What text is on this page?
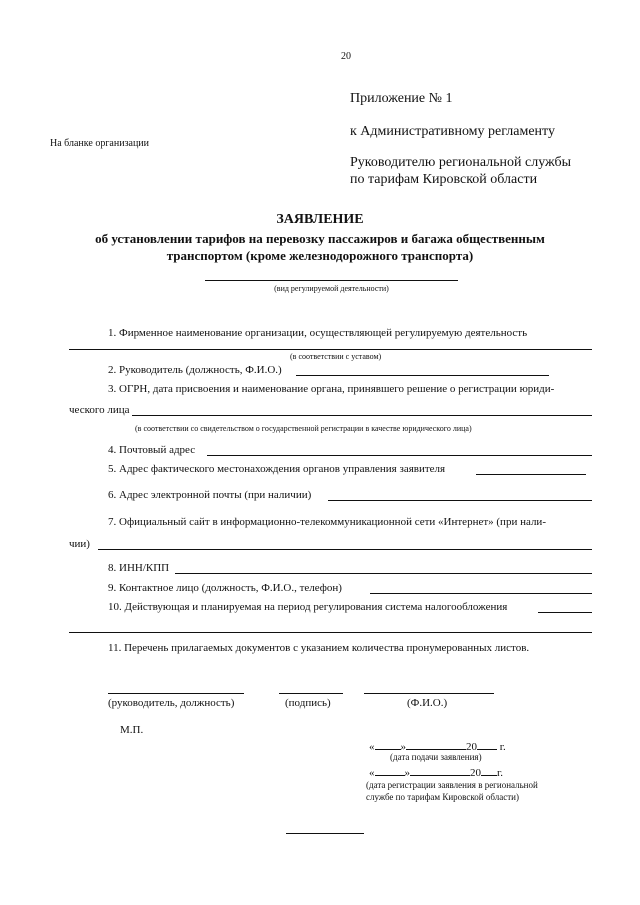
20
Приложение № 1
к Административному регламенту
Руководителю региональной службы
по тарифам Кировской области
На бланке организации
ЗАЯВЛЕНИЕ
об установлении тарифов на перевозку пассажиров и багажа общественным
транспортом (кроме железнодорожного транспорта)
(вид регулируемой деятельности)
1. Фирменное наименование организации, осуществляющей регулируемую деятельность
(в соответствии с уставом)
2. Руководитель (должность, Ф.И.О.)
3. ОГРН, дата присвоения и наименование органа, принявшего решение о регистрации юриди-
ческого лица
(в соответствии со свидетельством о государственной регистрации в качестве юридического лица)
4. Почтовый адрес
5. Адрес фактического местонахождения органов управления заявителя
6. Адрес электронной почты (при наличии)
7. Официальный сайт в информационно-телекоммуникационной сети «Интернет» (при нали-
чии)
8. ИНН/КПП
9. Контактное лицо (должность, Ф.И.О., телефон)
10. Действующая и планируемая на период регулирования система налогообложения
11. Перечень прилагаемых документов с указанием количества пронумерованных листов.
(руководитель, должность)	(подпись)	(Ф.И.О.)
М.П.
« »	20 г.
(дата подачи заявления)
«	»	20 г.
(дата регистрации заявления в региональной
службе по тарифам Кировской области)
